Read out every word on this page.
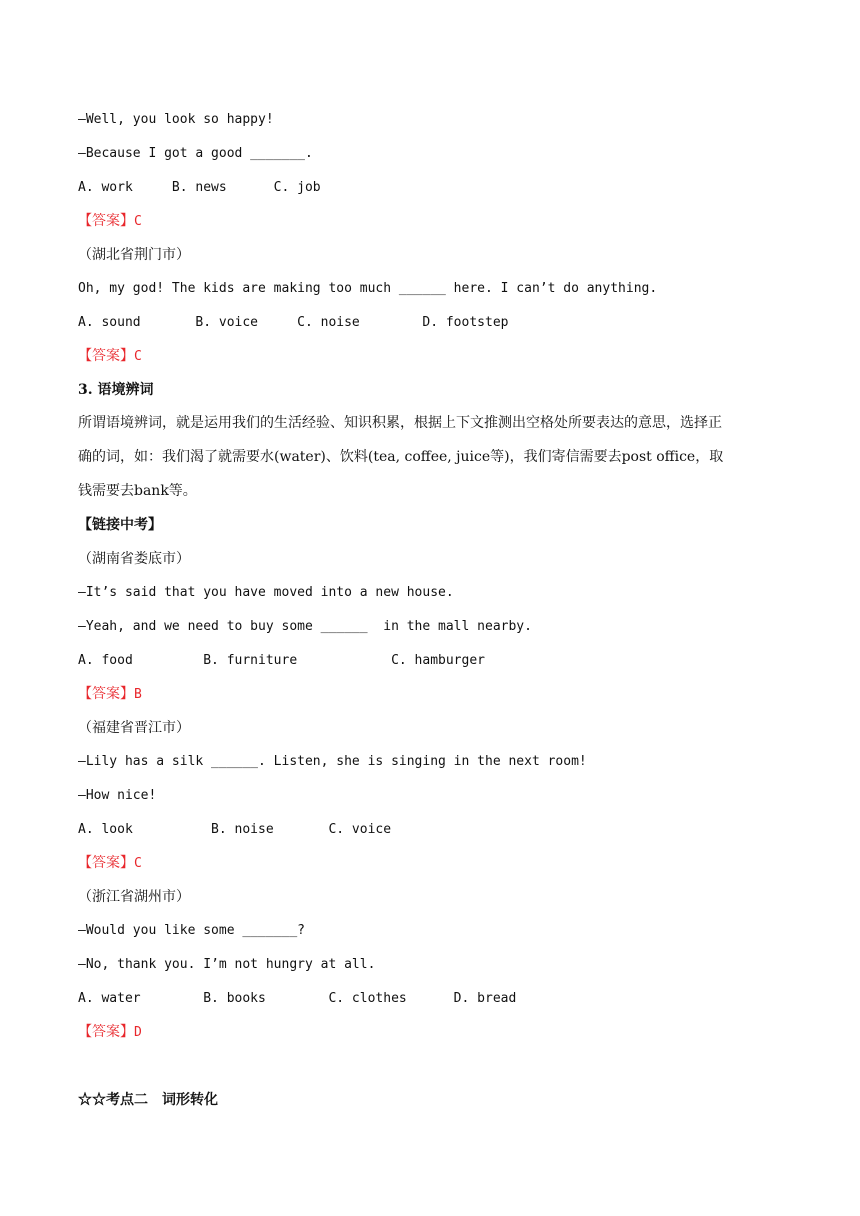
—Well, you look so happy!
—Because I got a good _______.
A. work     B. news      C. job
【答案】C
（湖北省荆门市）
Oh, my god! The kids are making too much ______ here. I can’t do anything.
A. sound       B. voice     C. noise        D. footstep
【答案】C
3. 语境辨词
所谓语境辨词，就是运用我们的生活经验、知识积累，根据上下文推测出空格处所要表达的意思，选择正
确的词，如：我们渴了就需要水(water)、饮料(tea, coffee, juice等)，我们寄信需要去post office，取
钱需要去bank等。
【链接中考】
（湖南省娄底市）
—It’s said that you have moved into a new house.
—Yeah, and we need to buy some ______  in the mall nearby.
A. food         B. furniture            C. hamburger
【答案】B
（福建省晋江市）
—Lily has a silk ______. Listen, she is singing in the next room!
—How nice!
A. look          B. noise       C. voice
【答案】C
（浙江省湖州市）
—Would you like some _______?
—No, thank you. I’m not hungry at all.
A. water        B. books        C. clothes      D. bread
【答案】D
☆☆考点二　词形转化
